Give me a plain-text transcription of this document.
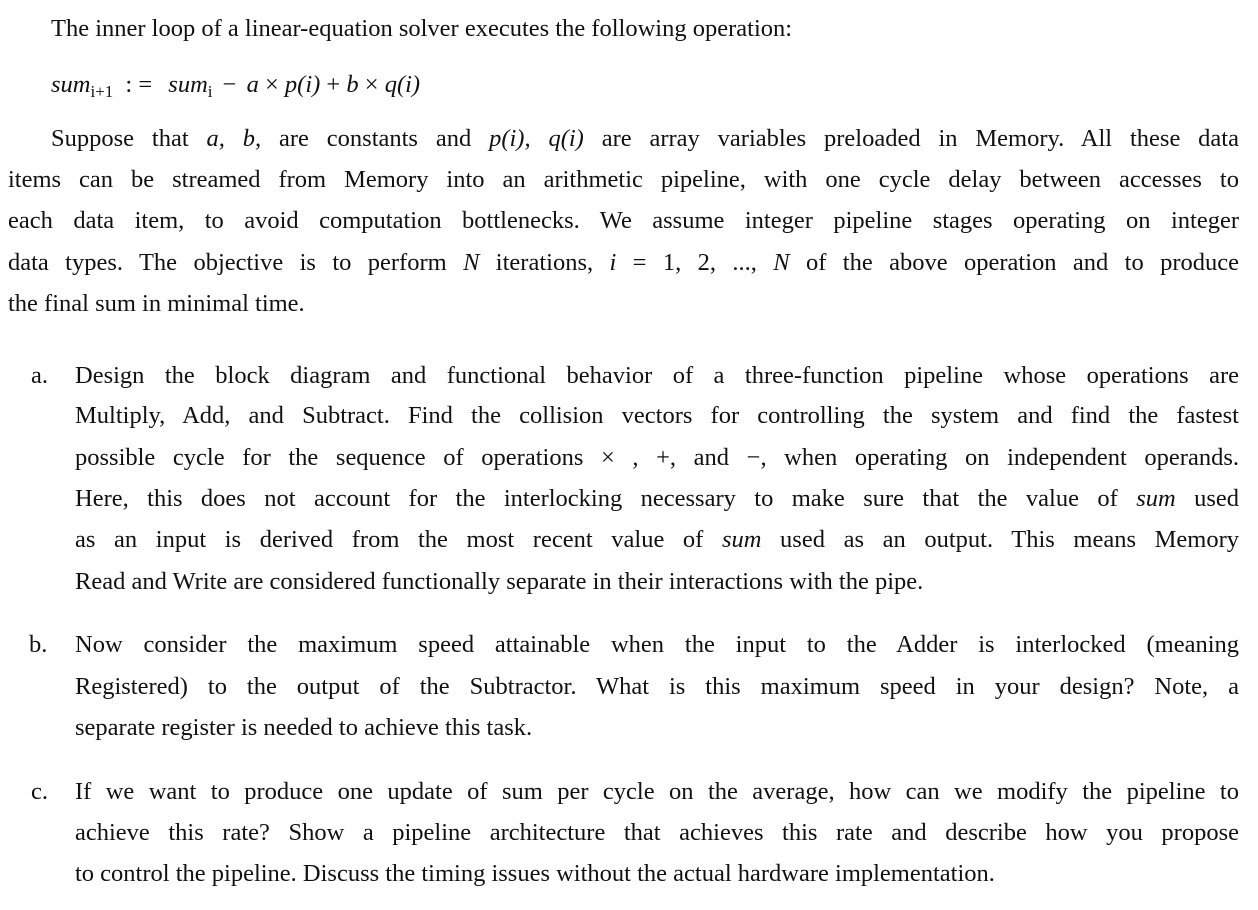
The inner loop of a linear-equation solver executes the following operation:
sum$_{i+1}$ : = sum$_i$ − a × p(i) + b × q(i)
Suppose that a, b, are constants and p(i), q(i) are array variables preloaded in Memory. All these data
items can be streamed from Memory into an arithmetic pipeline, with one cycle delay between accesses to
each data item, to avoid computation bottlenecks. We assume integer pipeline stages operating on integer
data types. The objective is to perform N iterations, i = 1, 2, ..., N of the above operation and to produce
the final sum in minimal time.
a. Design the block diagram and functional behavior of a three-function pipeline whose operations are
Multiply, Add, and Subtract. Find the collision vectors for controlling the system and find the fastest
possible cycle for the sequence of operations × , +, and −, when operating on independent operands.
Here, this does not account for the interlocking necessary to make sure that the value of sum used
as an input is derived from the most recent value of sum used as an output. This means Memory
Read and Write are considered functionally separate in their interactions with the pipe.
b. Now consider the maximum speed attainable when the input to the Adder is interlocked (meaning
Registered) to the output of the Subtractor. What is this maximum speed in your design? Note, a
separate register is needed to achieve this task.
c. If we want to produce one update of sum per cycle on the average, how can we modify the pipeline to
achieve this rate? Show a pipeline architecture that achieves this rate and describe how you propose
to control the pipeline. Discuss the timing issues without the actual hardware implementation.
